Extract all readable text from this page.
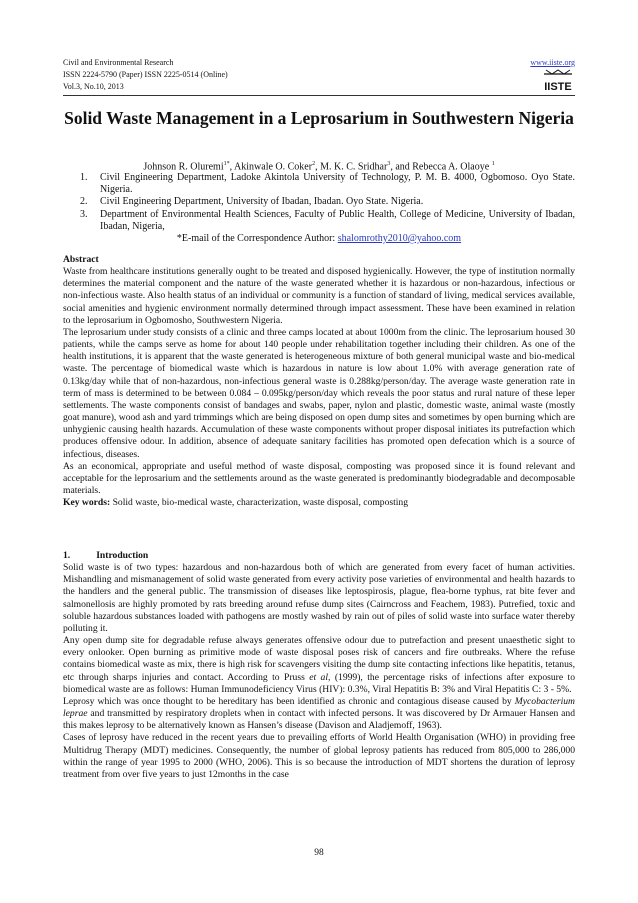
Civil and Environmental Research
ISSN 2224-5790 (Paper) ISSN 2225-0514 (Online)
Vol.3, No.10, 2013
www.iiste.org
IISTE
Solid Waste Management in a Leprosarium in Southwestern Nigeria
Johnson R. Oluremi$^{1*}$, Akinwale O. Coker$^2$, M. K. C. Sridhar$^3$, and Rebecca A. Olaoye $^1$
1. Civil Engineering Department, Ladoke Akintola University of Technology, P. M. B. 4000, Ogbomoso. Oyo State. Nigeria.
2. Civil Engineering Department, University of Ibadan, Ibadan. Oyo State. Nigeria.
3. Department of Environmental Health Sciences, Faculty of Public Health, College of Medicine, University of Ibadan, Ibadan, Nigeria,
*E-mail of the Correspondence Author: shalomrothy2010@yahoo.com

Abstract

Waste from healthcare institutions generally ought to be treated and disposed hygienically. However, the type of institution normally determines the material component and the nature of the waste generated whether it is hazardous or non-hazardous, infectious or non-infectious waste. Also health status of an individual or community is a function of standard of living, medical services available, social amenities and hygienic environment normally determined through impact assessment. These have been examined in relation to the leprosarium in Ogbomosho, Southwestern Nigeria.

The leprosarium under study consists of a clinic and three camps located at about 1000m from the clinic. The leprosarium housed 30 patients, while the camps serve as home for about 140 people under rehabilitation together including their children. As one of the health institutions, it is apparent that the waste generated is heterogeneous mixture of both general municipal waste and bio-medical waste. The percentage of biomedical waste which is hazardous in nature is low about 1.0% with average generation rate of 0.13kg/day while that of non-hazardous, non-infectious general waste is 0.288kg/person/day. The average waste generation rate in term of mass is determined to be between 0.084 – 0.095kg/person/day which reveals the poor status and rural nature of these leper settlements. The waste components consist of bandages and swabs, paper, nylon and plastic, domestic waste, animal waste (mostly goat manure), wood ash and yard trimmings which are being disposed on open dump sites and sometimes by open burning which are unhygienic causing health hazards. Accumulation of these waste components without proper disposal initiates its putrefaction which produces offensive odour. In addition, absence of adequate sanitary facilities has promoted open defecation which is a source of infectious, diseases.

As an economical, appropriate and useful method of waste disposal, composting was proposed since it is found relevant and acceptable for the leprosarium and the settlements around as the waste generated is predominantly biodegradable and decomposable materials.

Key words: Solid waste, bio-medical waste, characterization, waste disposal, composting

1.	Introduction

Solid waste is of two types: hazardous and non-hazardous both of which are generated from every facet of human activities. Mishandling and mismanagement of solid waste generated from every activity pose varieties of environmental and health hazards to the handlers and the general public. The transmission of diseases like leptospirosis, plague, flea-borne typhus, rat bite fever and salmonellosis are highly promoted by rats breeding around refuse dump sites (Cairncross and Feachem, 1983). Putrefied, toxic and soluble hazardous substances loaded with pathogens are mostly washed by rain out of piles of solid waste into surface water thereby polluting it.

Any open dump site for degradable refuse always generates offensive odour due to putrefaction and present unaesthetic sight to every onlooker. Open burning as primitive mode of waste disposal poses risk of cancers and fire outbreaks. Where the refuse contains biomedical waste as mix, there is high risk for scavengers visiting the dump site contacting infections like hepatitis, tetanus, etc through sharps injuries and contact. According to Pruss et al, (1999), the percentage risks of infections after exposure to biomedical waste are as follows: Human Immunodeficiency Virus (HIV): 0.3%, Viral Hepatitis B: 3% and Viral Hepatitis C: 3 - 5%.

Leprosy which was once thought to be hereditary has been identified as chronic and contagious disease caused by Mycobacterium leprae and transmitted by respiratory droplets when in contact with infected persons. It was discovered by Dr Armauer Hansen and this makes leprosy to be alternatively known as Hansen’s disease (Davison and Aladjemoff, 1963).

Cases of leprosy have reduced in the recent years due to prevailing efforts of World Health Organisation (WHO) in providing free Multidrug Therapy (MDT) medicines. Consequently, the number of global leprosy patients has reduced from 805,000 to 286,000 within the range of year 1995 to 2000 (WHO, 2006). This is so because the introduction of MDT shortens the duration of leprosy treatment from over five years to just 12months in the case

98
